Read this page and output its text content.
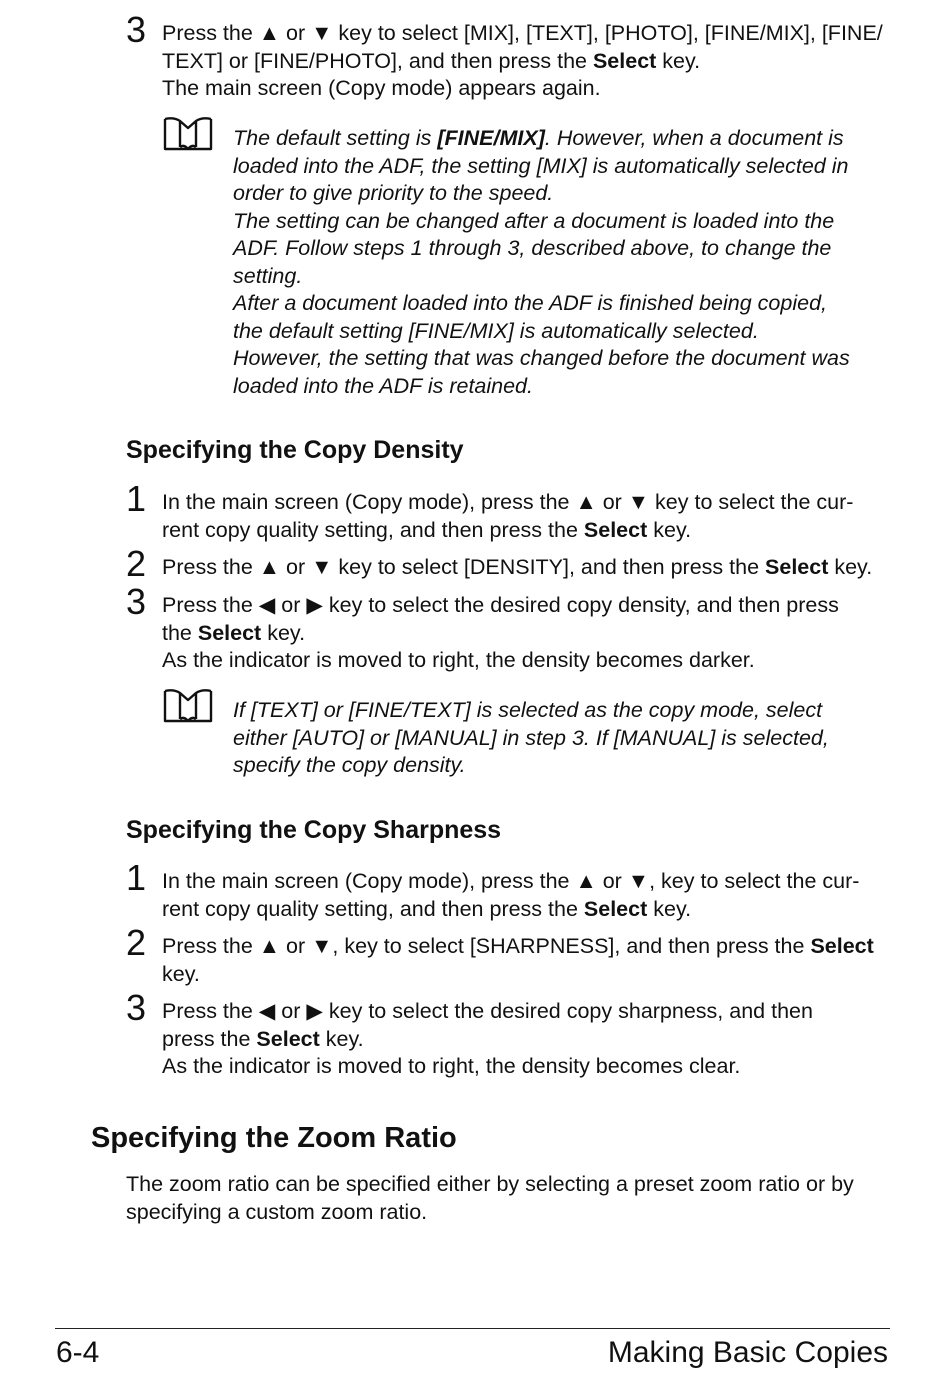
3 Press the ▲ or ▼ key to select [MIX], [TEXT], [PHOTO], [FINE/MIX], [FINE/
TEXT] or [FINE/PHOTO], and then press the Select key.
The main screen (Copy mode) appears again.
The default setting is [FINE/MIX]. However, when a document is
loaded into the ADF, the setting [MIX] is automatically selected in
order to give priority to the speed.
The setting can be changed after a document is loaded into the
ADF. Follow steps 1 through 3, described above, to change the
setting.
After a document loaded into the ADF is finished being copied,
the default setting [FINE/MIX] is automatically selected.
However, the setting that was changed before the document was
loaded into the ADF is retained.
Specifying the Copy Density
1 In the main screen (Copy mode), press the ▲ or ▼ key to select the cur-
rent copy quality setting, and then press the Select key.
2 Press the ▲ or ▼ key to select [DENSITY], and then press the Select key.
3 Press the ◀ or ▶ key to select the desired copy density, and then press
the Select key.
As the indicator is moved to right, the density becomes darker.
If [TEXT] or [FINE/TEXT] is selected as the copy mode, select
either [AUTO] or [MANUAL] in step 3. If [MANUAL] is selected,
specify the copy density.
Specifying the Copy Sharpness
1 In the main screen (Copy mode), press the ▲ or ▼, key to select the cur-
rent copy quality setting, and then press the Select key.
2 Press the ▲ or ▼, key to select [SHARPNESS], and then press the Select
key.
3 Press the ◀ or ▶ key to select the desired copy sharpness, and then
press the Select key.
As the indicator is moved to right, the density becomes clear.
Specifying the Zoom Ratio
The zoom ratio can be specified either by selecting a preset zoom ratio or by
specifying a custom zoom ratio.
6-4	Making Basic Copies
